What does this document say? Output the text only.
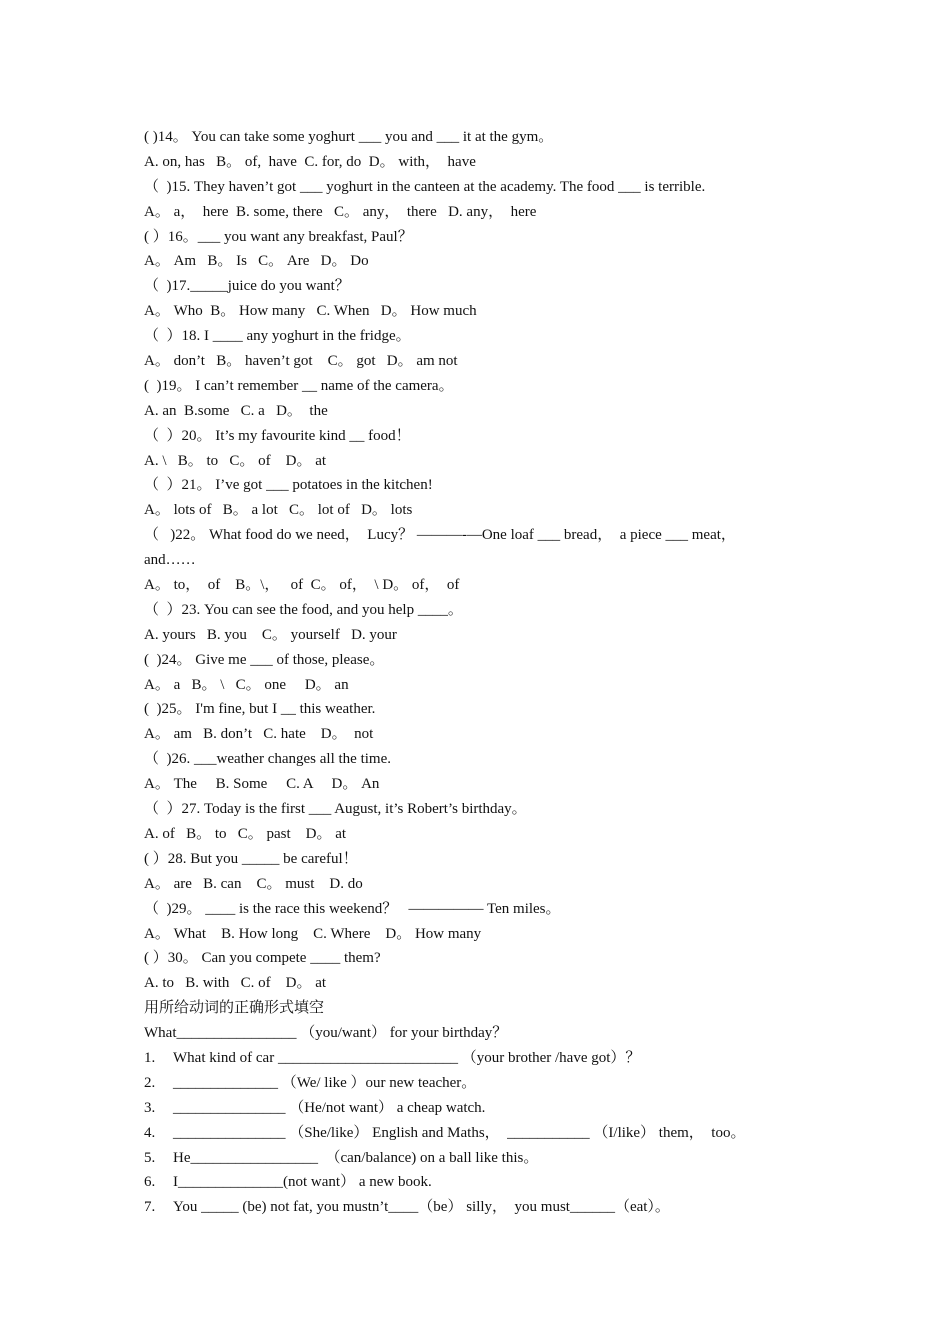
( )14。 You can take some yoghurt ___ you and ___ it at the gym。
A. on, has   B。 of,  have  C. for, do  D。 with，  have
（  )15. They haven’t got ___ yoghurt in the canteen at the academy. The food ___ is terrible.
A。 a，  here  B. some, there   C。 any，  there   D. any，  here
( ）16。___ you want any breakfast, Paul？
A。 Am   B。 Is   C。 Are   D。 Do
（  )17._____juice do you want？
A。 Who  B。 How many   C. When   D。 How much
（  ）18. I ____ any yoghurt in the fridge。
A。 don’t   B。 haven’t got    C。 got   D。 am not
(  )19。 I can’t remember __ name of the camera。
A. an  B.some   C. a   D。  the
（  ）20。 It’s my favourite kind __ food！
A. \   B。 to   C。 of    D。 at
（  ）21。 I’ve got ___ potatoes in the kitchen!
A。 lots of   B。 a lot   C。 lot of   D。 lots
（   )22。 What food do we need，  Lucy？ ———-—One loaf ___ bread，  a piece ___ meat，
and……
A。 to，  of    B。\，   of  C。 of，  \ D。 of，  of
（  ）23. You can see the food, and you help ____。
A. yours   B. you    C。 yourself   D. your
(  )24。 Give me ___ of those, please。
A。 a   B。 \   C。 one     D。 an
(  )25。 I'm fine, but I __ this weather.
A。 am   B. don’t   C. hate    D。  not
（  )26. ___weather changes all the time.
A。 The     B. Some     C. A     D。 An
（  ）27. Today is the first ___ August, it’s Robert’s birthday。
A. of   B。 to   C。 past    D。 at
( ）28. But you _____ be careful！
A。 are   B. can    C。 must    D. do
（  )29。 ____ is the race this weekend？   ————— Ten miles。
A。 What    B. How long    C. Where    D。 How many
( ）30。 Can you compete ____ them?
A. to   B. with   C. of    D。 at
用所给动词的正确形式填空
What________________ （you/want） for your birthday？
1.	What kind of car ________________________ （your brother /have got）？
2.	______________ （We/ like ）our new teacher。
3.	_______________ （He/not want） a cheap watch.
4.	_______________ （She/like） English and Maths，  ___________ （I/like） them，  too。
5.	He_________________  （can/balance) on a ball like this。
6.	I______________(not want） a new book.
7.	You _____ (be) not fat, you mustn’t____（be） silly，  you must______（eat）。
